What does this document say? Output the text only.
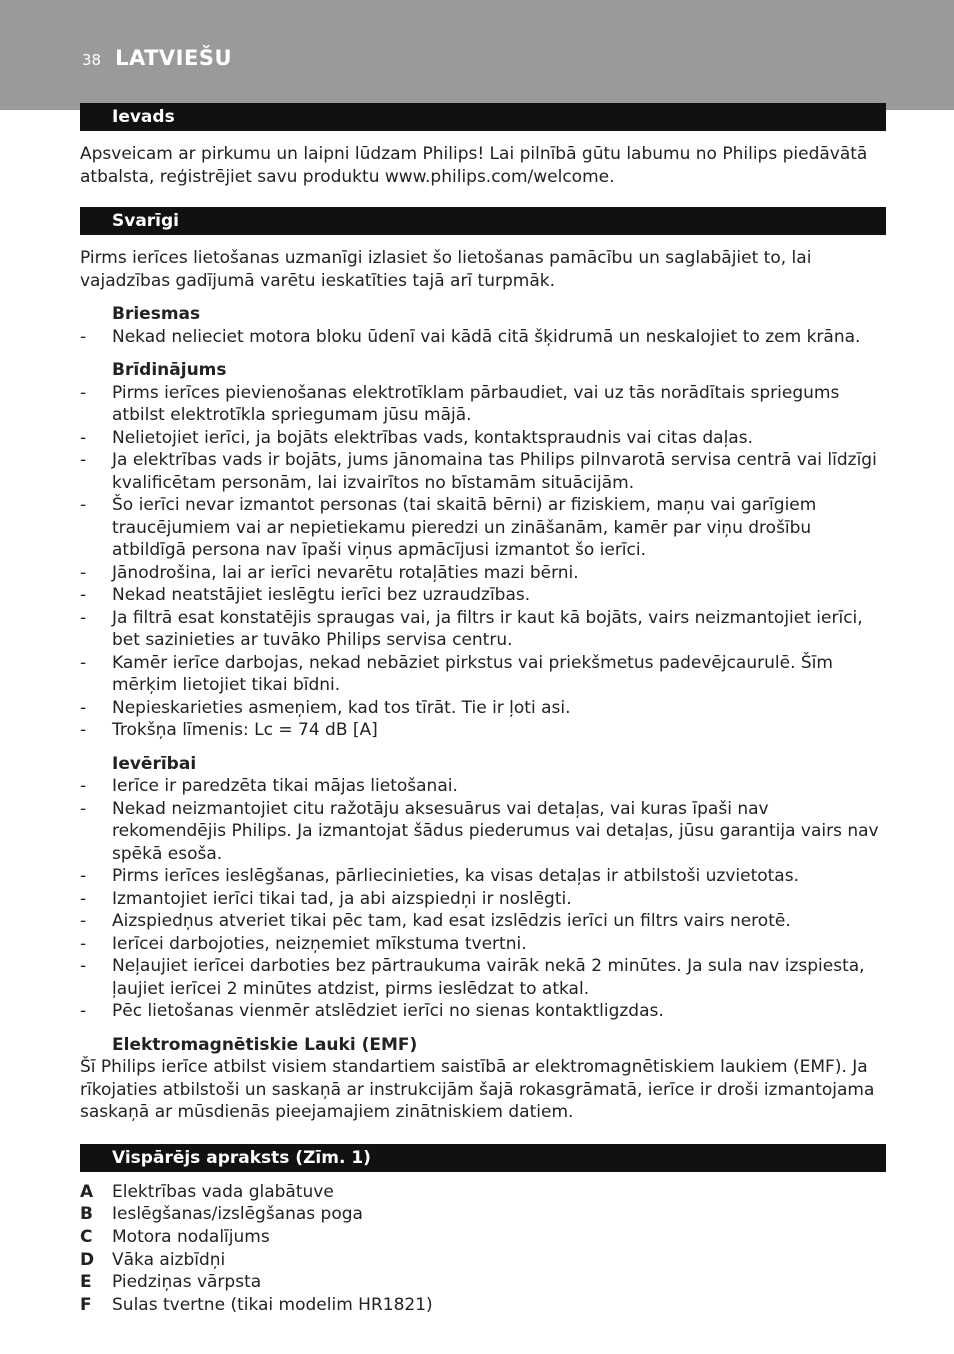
38 LATVIEŠU
Ievads

Apsveicam ar pirkumu un laipni lūdzam Philips! Lai pilnībā gūtu labumu no Philips piedāvātā atbalsta, reģistrējiet savu produktu www.philips.com/welcome.

Svarīgi

Pirms ierīces lietošanas uzmanīgi izlasiet šo lietošanas pamācību un saglabājiet to, lai vajadzības gadījumā varētu ieskatīties tajā arī turpmāk.

Briesmas

- Nekad nelieciet motora bloku ūdenī vai kādā citā šķidrumā un neskalojiet to zem krāna.

Brīdinājums

- Pirms ierīces pievienošanas elektrotīklam pārbaudiet, vai uz tās norādītais spriegums atbilst elektrotīkla spriegumam jūsu mājā.
- Nelietojiet ierīci, ja bojāts elektrības vads, kontaktspraudnis vai citas daļas.
- Ja elektrības vads ir bojāts, jums jānomaina tas Philips pilnvarotā servisa centrā vai līdzīgi kvalificētam personām, lai izvairītos no bīstamām situācijām.
- Šo ierīci nevar izmantot personas (tai skaitā bērni) ar fiziskiem, maņu vai garīgiem traucējumiem vai ar nepietiekamu pieredzi un zināšanām, kamēr par viņu drošību atbildīgā persona nav īpaši viņus apmācījusi izmantot šo ierīci.
- Jānodrošina, lai ar ierīci nevarētu rotaļāties mazi bērni.
- Nekad neatstājiet ieslēgtu ierīci bez uzraudzības.
- Ja filtrā esat konstatējis spraugas vai, ja filtrs ir kaut kā bojāts, vairs neizmantojiet ierīci, bet sazinieties ar tuvāko Philips servisa centru.
- Kamēr ierīce darbojas, nekad nebāziet pirkstus vai priekšmetus padevējcaurulē. Šīm mērķim lietojiet tikai bīdni.
- Nepieskarieties asmeņiem, kad tos tīrāt. Tie ir ļoti asi.
- Trokšņa līmenis: Lc = 74 dB [A]

Ievērībai

- Ierīce ir paredzēta tikai mājas lietošanai.
- Nekad neizmantojiet citu ražotāju aksesuārus vai detaļas, vai kuras īpaši nav rekomendējis Philips. Ja izmantojat šādus piederumus vai detaļas, jūsu garantija vairs nav spēkā esoša.
- Pirms ierīces ieslēgšanas, pārliecinieties, ka visas detaļas ir atbilstoši uzvietotas.
- Izmantojiet ierīci tikai tad, ja abi aizspiedņi ir noslēgti.
- Aizspiedņus atveriet tikai pēc tam, kad esat izslēdzis ierīci un filtrs vairs nerotē.
- Ierīcei darbojoties, neizņemiet mīkstuma tvertni.
- Neļaujiet ierīcei darboties bez pārtraukuma vairāk nekā 2 minūtes. Ja sula nav izspiesta, ļaujiet ierīcei 2 minūtes atdzist, pirms ieslēdzat to atkal.
- Pēc lietošanas vienmēr atslēdziet ierīci no sienas kontaktligzdas.

Elektromagnētiskie Lauki (EMF)

Šī Philips ierīce atbilst visiem standartiem saistībā ar elektromagnētiskiem laukiem (EMF). Ja rīkojaties atbilstoši un saskaņā ar instrukcijām šajā rokasgrāmatā, ierīce ir droši izmantojama saskaņā ar mūsdienās pieejamajiem zinātniskiem datiem.

Vispārējs apraksts (Zīm. 1)
A	Elektrības vada glabātuve
B	Ieslēgšanas/izslēgšanas poga
C	Motora nodalījums
D	Vāka aizbīdņi
E	Piedziņas vārpsta
F	Sulas tvertne (tikai modelim HR1821)
